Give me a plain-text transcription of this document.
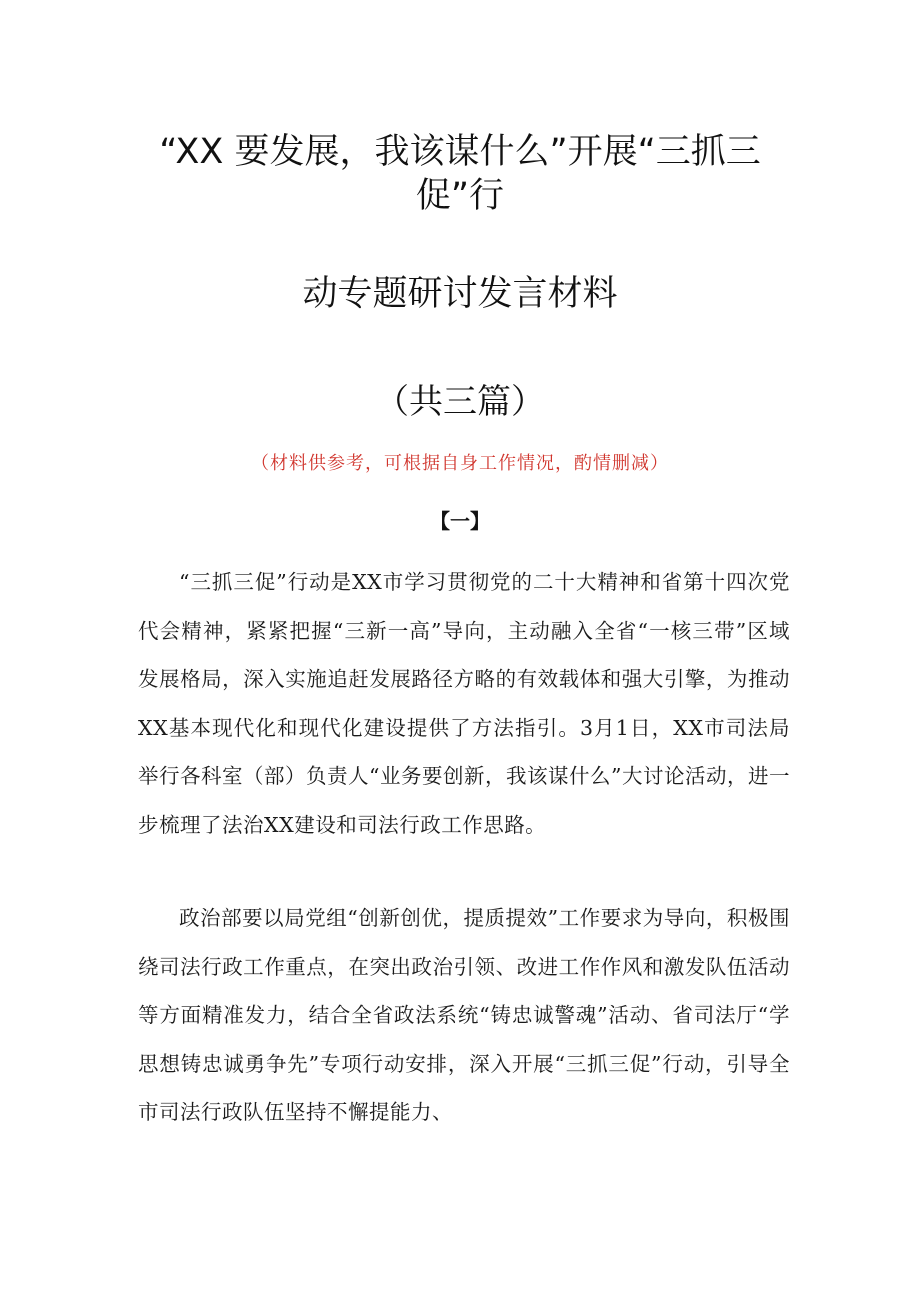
“XX 要发展，我该谋什么”开展“三抓三
促”行
动专题研讨发言材料
（共三篇）
（材料供参考，可根据自身工作情况，酌情删减）
【一】

“三抓三促”行动是XX市学习贯彻党的二十大精神和省第十四次党代会精神，紧紧把握“三新一高”导向，主动融入全省“一核三带”区域发展格局，深入实施追赶发展路径方略的有效载体和强大引擎，为推动XX基本现代化和现代化建设提供了方法指引。3月1日，XX市司法局举行各科室（部）负责人“业务要创新，我该谋什么”大讨论活动，进一步梳理了法治XX建设和司法行政工作思路。

政治部要以局党组“创新创优，提质提效”工作要求为导向，积极围绕司法行政工作重点，在突出政治引领、改进工作作风和激发队伍活动等方面精准发力，结合全省政法系统“铸忠诚警魂”活动、省司法厅“学思想铸忠诚勇争先”专项行动安排，深入开展“三抓三促”行动，引导全市司法行政队伍坚持不懈提能力、
